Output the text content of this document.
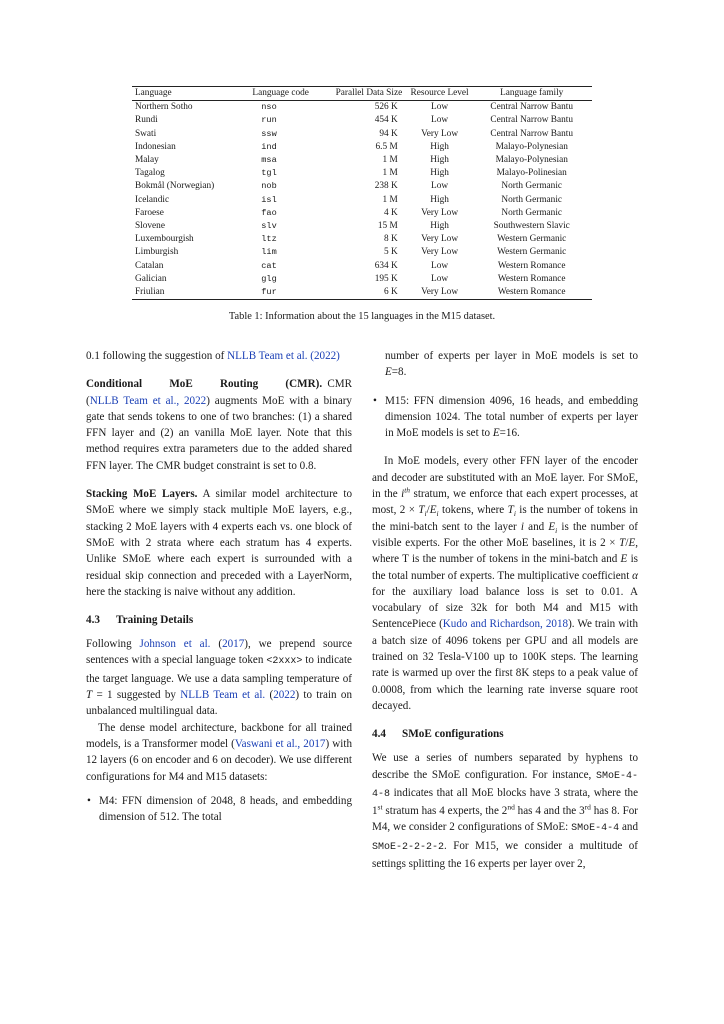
Language	Language code	Parallel Data Size	Resource Level	Language family
Northern Sotho	nso	526 K	Low	Central Narrow Bantu
Rundi	run	454 K	Low	Central Narrow Bantu
Swati	ssw	94 K	Very Low	Central Narrow Bantu
Indonesian	ind	6.5 M	High	Malayo-Polynesian
Malay	msa	1 M	High	Malayo-Polynesian
Tagalog	tgl	1 M	High	Malayo-Polinesian
Bokmål (Norwegian)	nob	238 K	Low	North Germanic
Icelandic	isl	1 M	High	North Germanic
Faroese	fao	4 K	Very Low	North Germanic
Slovene	slv	15 M	High	Southwestern Slavic
Luxembourgish	ltz	8 K	Very Low	Western Germanic
Limburgish	lim	5 K	Very Low	Western Germanic
Catalan	cat	634 K	Low	Western Romance
Galician	glg	195 K	Low	Western Romance
Friulian	fur	6 K	Very Low	Western Romance
Table 1: Information about the 15 languages in the M15 dataset.

0.1 following the suggestion of NLLB Team et al. (2022)

Conditional MoE Routing (CMR). CMR (NLLB Team et al., 2022) augments MoE with a binary gate that sends tokens to one of two branches: (1) a shared FFN layer and (2) an vanilla MoE layer. Note that this method requires extra parameters due to the added shared FFN layer. The CMR budget constraint is set to 0.8.

Stacking MoE Layers. A similar model architecture to SMoE where we simply stack multiple MoE layers, e.g., stacking 2 MoE layers with 4 experts each vs. one block of SMoE with 2 strata where each stratum has 4 experts. Unlike SMoE where each expert is surrounded with a residual skip connection and preceded with a LayerNorm, here the stacking is naive without any addition.

4.3 Training Details

Following Johnson et al. (2017), we prepend source sentences with a special language token <2xxx> to indicate the target language. We use a data sampling temperature of T = 1 suggested by NLLB Team et al. (2022) to train on unbalanced multilingual data.

The dense model architecture, backbone for all trained models, is a Transformer model (Vaswani et al., 2017) with 12 layers (6 on encoder and 6 on decoder). We use different configurations for M4 and M15 datasets:

• M4: FFN dimension of 2048, 8 heads, and embedding dimension of 512. The total
number of experts per layer in MoE models is set to E=8.
• M15: FFN dimension 4096, 16 heads, and embedding dimension 1024. The total number of experts per layer in MoE models is set to E=16.

In MoE models, every other FFN layer of the encoder and decoder are substituted with an MoE layer. For SMoE, in the $i^{th}$ stratum, we enforce that each expert processes, at most, $2 \times T_i/E_i$ tokens, where $T_i$ is the number of tokens in the mini-batch sent to the layer i and $E_i$ is the number of visible experts. For the other MoE baselines, it is 2 × T/E, where T is the number of tokens in the mini-batch and E is the total number of experts. The multiplicative coefficient α for the auxiliary load balance loss is set to 0.01. A vocabulary of size 32k for both M4 and M15 with SentencePiece (Kudo and Richardson, 2018). We train with a batch size of 4096 tokens per GPU and all models are trained on 32 Tesla-V100 up to 100K steps. The learning rate is warmed up over the first 8K steps to a peak value of 0.0008, from which the learning rate inverse square root decayed.

4.4 SMoE configurations

We use a series of numbers separated by hyphens to describe the SMoE configuration. For instance, SMoE-4-4-8 indicates that all MoE blocks have 3 strata, where the 1st stratum has 4 experts, the 2nd has 4 and the 3rd has 8. For M4, we consider 2 configurations of SMoE: SMoE-4-4 and SMoE-2-2-2-2. For M15, we consider a multitude of settings splitting the 16 experts per layer over 2,
